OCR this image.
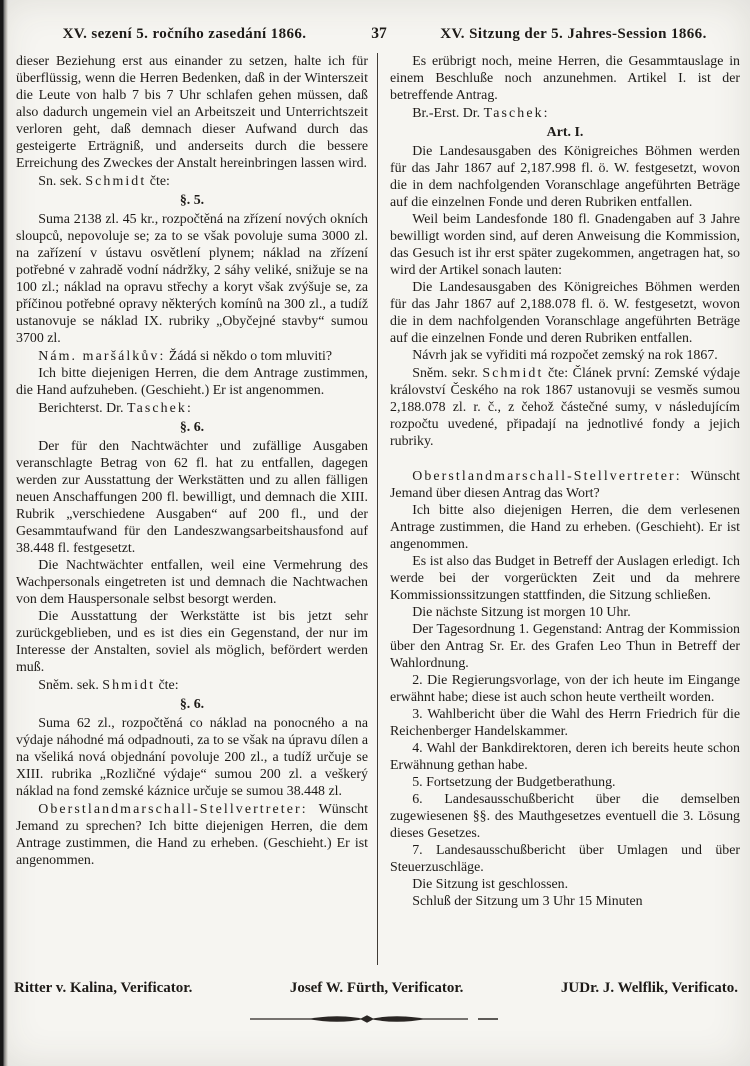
XV. sezení 5. ročního zasedání 1866.	37	XV. Sitzung der 5. Jahres-Session 1866.

dieser Beziehung erst aus einander zu setzen, halte ich für überflüssig, wenn die Herren Bedenken, daß in der Winterszeit die Leute von halb 7 bis 7 Uhr schlafen gehen müssen, daß also dadurch ungemein viel an Arbeitszeit und Unterrichtszeit verloren geht, daß demnach dieser Aufwand durch das gesteigerte Erträgniß, und anderseits durch die bessere Erreichung des Zweckes der Anstalt hereinbringen lassen wird.

Sn. sek. Schmidt čte:

§. 5.

Suma 2138 zl. 45 kr., rozpočtěná na zřízení nových okních sloupců, nepovoluje se; za to se však povoluje suma 3000 zl. na zařízení v ústavu osvětlení plynem; náklad na zřízení potřebné v zahradě vodní nádržky, 2 sáhy veliké, snižuje se na 100 zl.; náklad na opravu střechy a koryt však zvýšuje se, za příčinou potřebné opravy některých komínů na 300 zl., a tudíž ustanovuje se náklad IX. rubriky „Obyčejné stavby“ sumou 3700 zl.

Nám. maršálkův: Žádá si někdo o tom mluviti?

Ich bitte diejenigen Herren, die dem Antrage zustimmen, die Hand aufzuheben. (Geschieht.) Er ist angenommen.

Berichterst. Dr. Taschek:

§. 6.

Der für den Nachtwächter und zufällige Ausgaben veranschlagte Betrag von 62 fl. hat zu entfallen, dagegen werden zur Ausstattung der Werkstätten und zu allen fälligen neuen Anschaffungen 200 fl. bewilligt, und demnach die XIII. Rubrik „verschiedene Ausgaben“ auf 200 fl., und der Gesammtaufwand für den Landeszwangsarbeitshausfond auf 38.448 fl. festgesetzt.

Die Nachtwächter entfallen, weil eine Vermehrung des Wachpersonals eingetreten ist und demnach die Nachtwachen von dem Hauspersonale selbst besorgt werden.

Die Ausstattung der Werkstätte ist bis jetzt sehr zurückgeblieben, und es ist dies ein Gegenstand, der nur im Interesse der Anstalten, soviel als möglich, befördert werden muß.

Sněm. sek. Shmidt čte:

§. 6.

Suma 62 zl., rozpočtěná co náklad na ponocného a na výdaje náhodné má odpadnouti, za to se však na úpravu dílen a na všeliká nová objednání povoluje 200 zl., a tudíž určuje se XIII. rubrika „Rozličné výdaje“ sumou 200 zl. a veškerý náklad na fond zemské káznice určuje se sumou 38.448 zl.

Oberstlandmarschall-Stellvertreter: Wünscht Jemand zu sprechen? Ich bitte diejenigen Herren, die dem Antrage zustimmen, die Hand zu erheben. (Geschieht.) Er ist angenommen.

Es erübrigt noch, meine Herren, die Gesammtauslage in einem Beschluße noch anzunehmen. Artikel I. ist der betreffende Antrag.

Br.-Erst. Dr. Taschek:

Art. I.

Die Landesausgaben des Königreiches Böhmen werden für das Jahr 1867 auf 2,187.998 fl. ö. W. festgesetzt, wovon die in dem nachfolgenden Voranschlage angeführten Beträge auf die einzelnen Fonde und deren Rubriken entfallen.

Weil beim Landesfonde 180 fl. Gnadengaben auf 3 Jahre bewilligt worden sind, auf deren Anweisung die Kommission, das Gesuch ist ihr erst später zugekommen, angetragen hat, so wird der Artikel sonach lauten:

Die Landesausgaben des Königreiches Böhmen werden für das Jahr 1867 auf 2,188.078 fl. ö. W. festgesetzt, wovon die in dem nachfolgenden Voranschlage angeführten Beträge auf die einzelnen Fonde und deren Rubriken entfallen.

Návrh jak se vyřiditi má rozpočet zemský na rok 1867.

Sněm. sekr. Schmidt čte: Článek první: Zemské výdaje království Českého na rok 1867 ustanovuji se vesměs sumou 2,188.078 zl. r. č., z čehož částečné sumy, v následujícím rozpočtu uvedené, připadají na jednotlivé fondy a jejich rubriky.

Oberstlandmarschall-Stellvertreter: Wünscht Jemand über diesen Antrag das Wort?

Ich bitte also diejenigen Herren, die dem verlesenen Antrage zustimmen, die Hand zu erheben. (Geschieht). Er ist angenommen.

Es ist also das Budget in Betreff der Auslagen erledigt. Ich werde bei der vorgerückten Zeit und da mehrere Kommissionssitzungen stattfinden, die Sitzung schließen.

Die nächste Sitzung ist morgen 10 Uhr.

Der Tagesordnung 1. Gegenstand: Antrag der Kommission über den Antrag Sr. Er. des Grafen Leo Thun in Betreff der Wahlordnung.

2. Die Regierungsvorlage, von der ich heute im Eingange erwähnt habe; diese ist auch schon heute vertheilt worden.

3. Wahlbericht über die Wahl des Herrn Friedrich für die Reichenberger Handelskammer.

4. Wahl der Bankdirektoren, deren ich bereits heute schon Erwähnung gethan habe.

5. Fortsetzung der Budgetberathung.

6. Landesausschußbericht über die demselben zugewiesenen §§. des Mauthgesetzes eventuell die 3. Lösung dieses Gesetzes.

7. Landesausschußbericht über Umlagen und über Steuerzuschläge.

Die Sitzung ist geschlossen.

Schluß der Sitzung um 3 Uhr 15 Minuten

Ritter v. Kalina, Verificator.	Josef W. Fürth, Verificator.	JUDr. J. Welflik, Verificato.
